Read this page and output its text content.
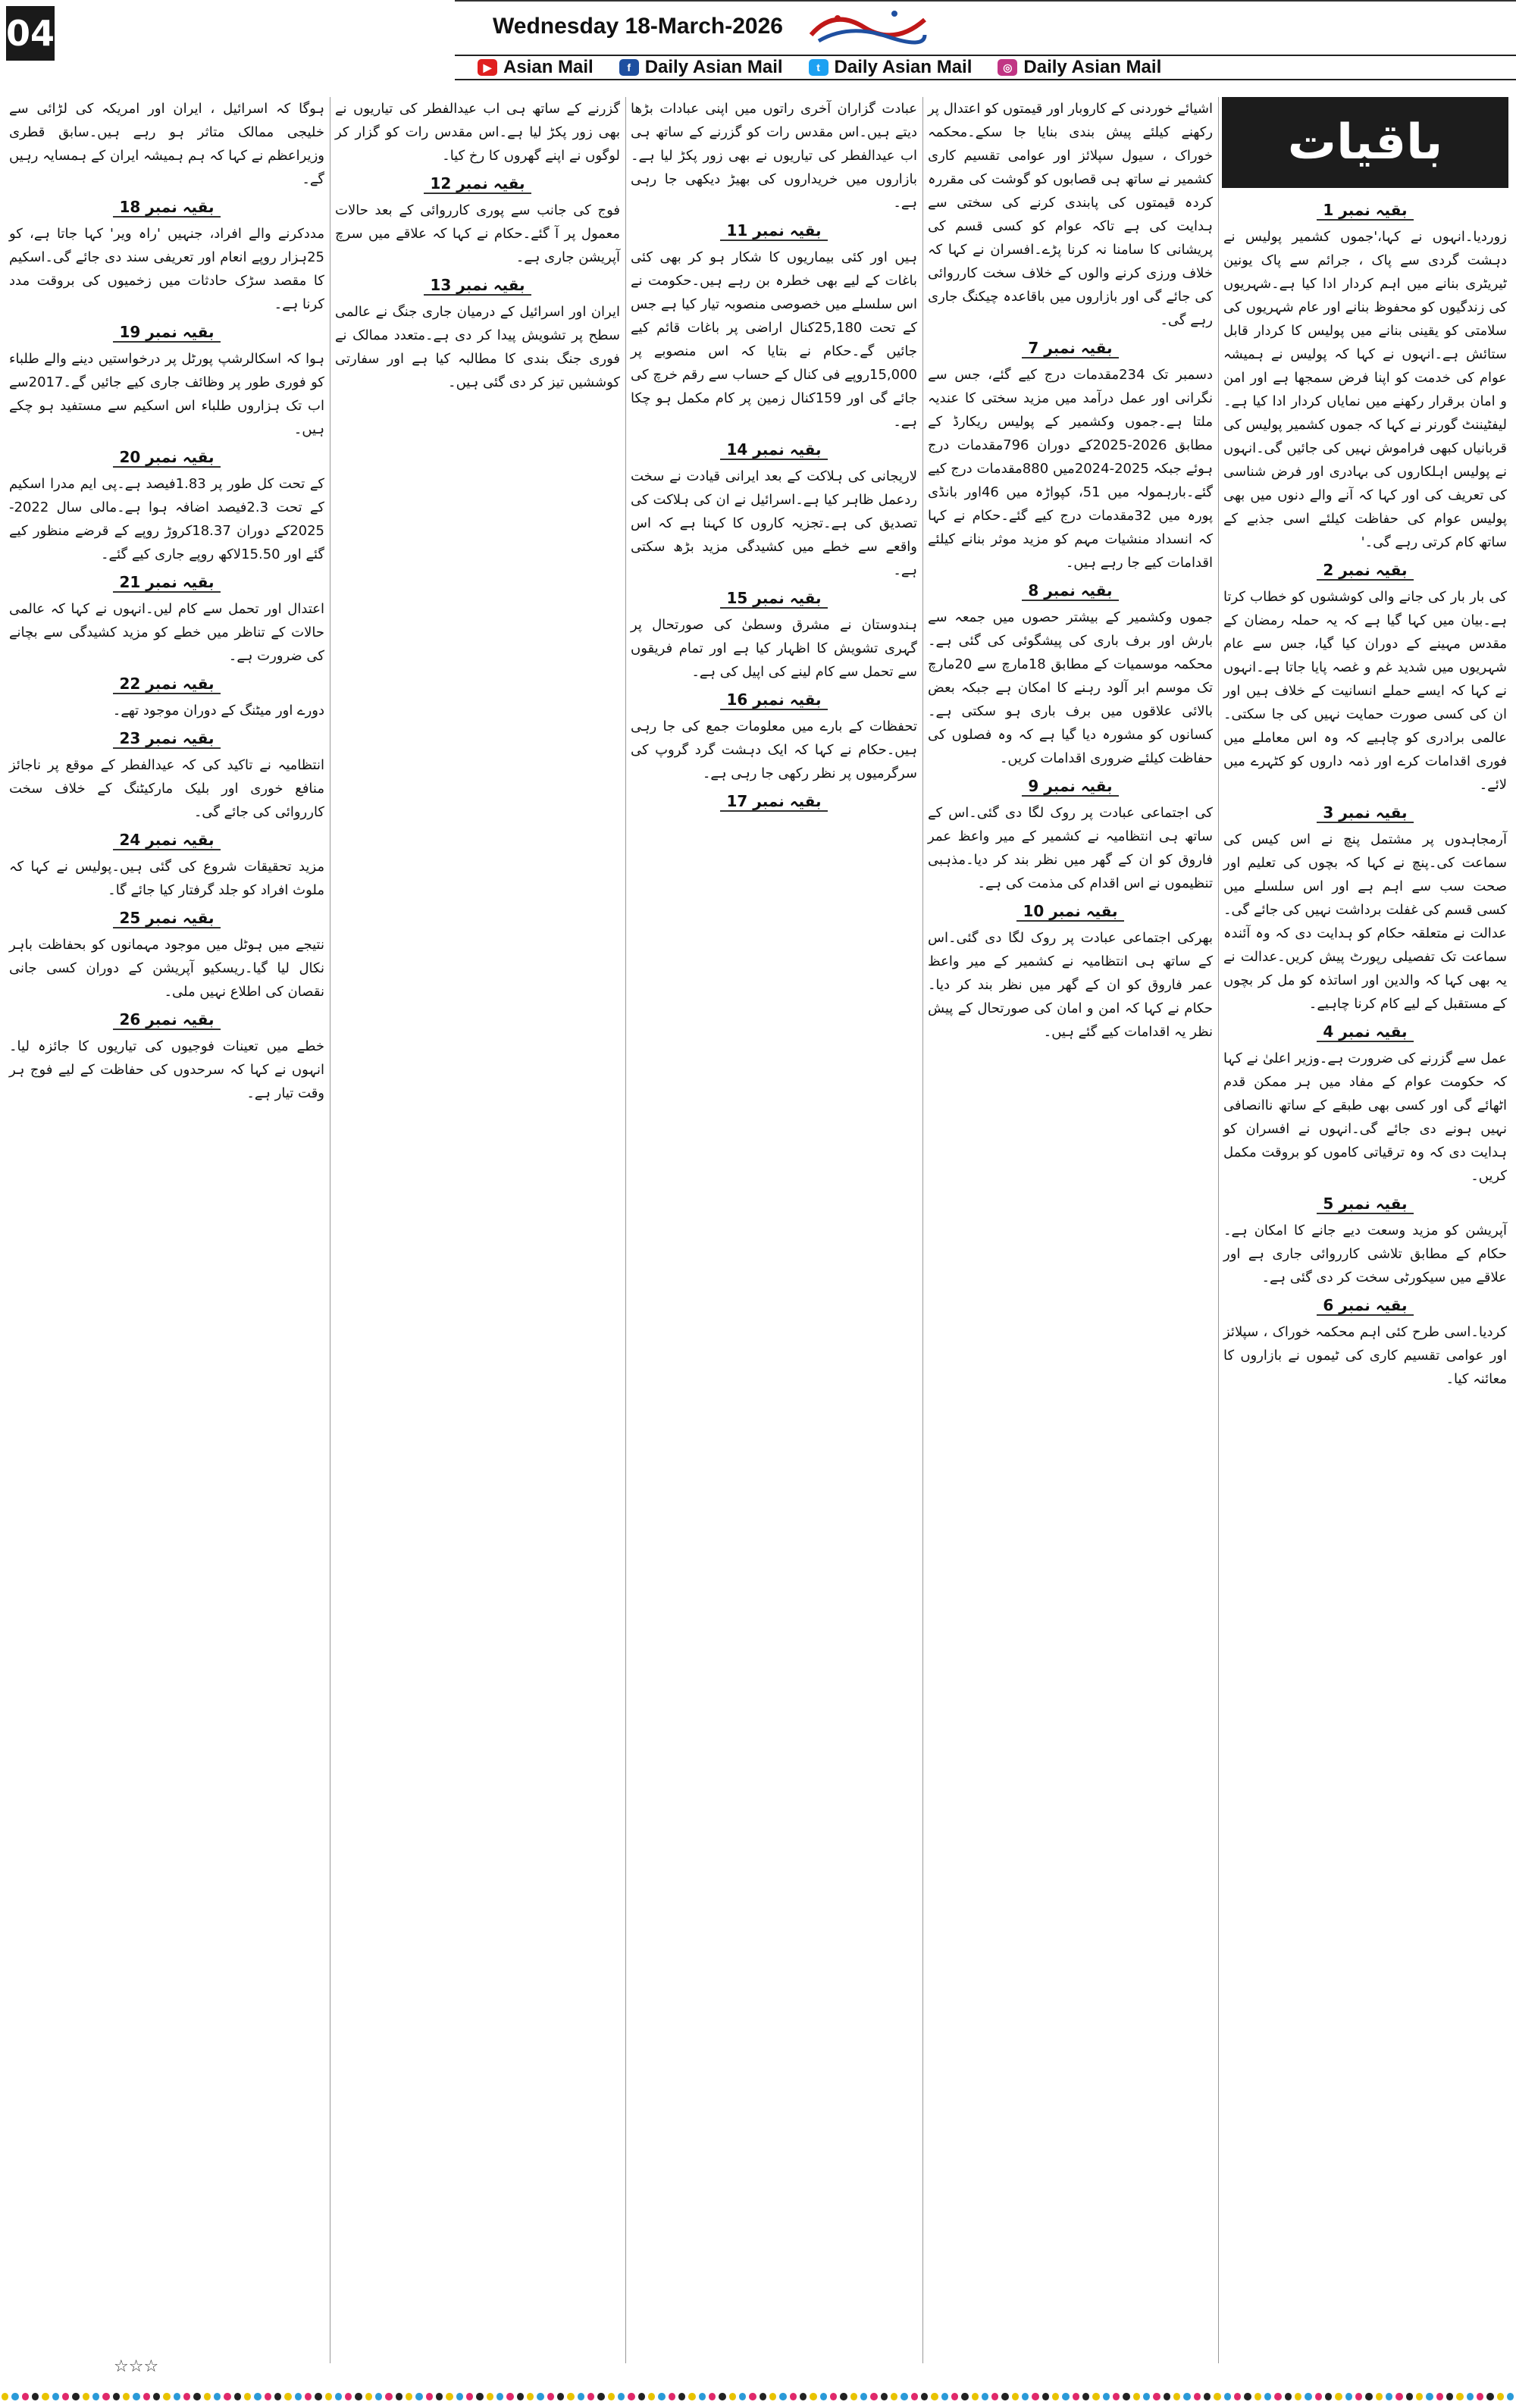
04	Wednesday 18-March-2026
▶ Asian Mail	f Daily Asian Mail	t Daily Asian Mail	◎ Daily Asian Mail
باقیات
بقیہ نمبر 1
زوردیا۔انہوں نے کہا،'جموں کشمیر پولیس نے دہشت گردی سے پاک ، جرائم سے پاک یونین ٹیریٹری بنانے میں اہم کردار ادا کیا ہے۔شہریوں کی زندگیوں کو محفوظ بنانے اور عام شہریوں کی سلامتی کو یقینی بنانے میں پولیس کا کردار قابل ستائش ہے۔انہوں نے کہا کہ پولیس نے ہمیشہ عوام کی خدمت کو اپنا فرض سمجھا ہے اور امن و امان برقرار رکھنے میں نمایاں کردار ادا کیا ہے۔لیفٹیننٹ گورنر نے کہا کہ جموں کشمیر پولیس کی قربانیاں کبھی فراموش نہیں کی جائیں گی۔انہوں نے پولیس اہلکاروں کی بہادری اور فرض شناسی کی تعریف کی اور کہا کہ آنے والے دنوں میں بھی پولیس عوام کی حفاظت کیلئے اسی جذبے کے ساتھ کام کرتی رہے گی۔'
بقیہ نمبر 2
کی بار بار کی جانے والی کوششوں کو خطاب کرتا ہے۔بیان میں کہا گیا ہے کہ یہ حملہ رمضان کے مقدس مہینے کے دوران کیا گیا، جس سے عام شہریوں میں شدید غم و غصہ پایا جاتا ہے۔انہوں نے کہا کہ ایسے حملے انسانیت کے خلاف ہیں اور ان کی کسی صورت حمایت نہیں کی جا سکتی۔عالمی برادری کو چاہیے کہ وہ اس معاملے میں فوری اقدامات کرے اور ذمہ داروں کو کٹہرے میں لائے۔
بقیہ نمبر 3
آرمجاہدوں پر مشتمل پنچ نے اس کیس کی سماعت کی۔پنچ نے کہا کہ بچوں کی تعلیم اور صحت سب سے اہم ہے اور اس سلسلے میں کسی قسم کی غفلت برداشت نہیں کی جائے گی۔عدالت نے متعلقہ حکام کو ہدایت دی کہ وہ آئندہ سماعت تک تفصیلی رپورٹ پیش کریں۔عدالت نے یہ بھی کہا کہ والدین اور اساتذہ کو مل کر بچوں کے مستقبل کے لیے کام کرنا چاہیے۔
بقیہ نمبر 4
عمل سے گزرنے کی ضرورت ہے۔وزیر اعلیٰ نے کہا کہ حکومت عوام کے مفاد میں ہر ممکن قدم اٹھائے گی اور کسی بھی طبقے کے ساتھ ناانصافی نہیں ہونے دی جائے گی۔انہوں نے افسران کو ہدایت دی کہ وہ ترقیاتی کاموں کو بروقت مکمل کریں۔
بقیہ نمبر 5
آپریشن کو مزید وسعت دیے جانے کا امکان ہے۔حکام کے مطابق تلاشی کارروائی جاری ہے اور علاقے میں سیکورٹی سخت کر دی گئی ہے۔
بقیہ نمبر 6
کردیا۔اسی طرح کئی اہم محکمہ خوراک ، سپلائز اور عوامی تقسیم کاری کی ٹیموں نے بازاروں کا معائنہ کیا۔
اشیائے خوردنی کے کاروبار اور قیمتوں کو اعتدال پر رکھنے کیلئے پیش بندی بنایا جا سکے۔محکمہ خوراک ، سیول سپلائز اور عوامی تقسیم کاری کشمیر نے ساتھ ہی قصابوں کو گوشت کی مقررہ کردہ قیمتوں کی پابندی کرنے کی سختی سے ہدایت کی ہے تاکہ عوام کو کسی قسم کی پریشانی کا سامنا نہ کرنا پڑے۔افسران نے کہا کہ خلاف ورزی کرنے والوں کے خلاف سخت کارروائی کی جائے گی اور بازاروں میں باقاعدہ چیکنگ جاری رہے گی۔
بقیہ نمبر 7
دسمبر تک 234مقدمات درج کیے گئے، جس سے نگرانی اور عمل درآمد میں مزید سختی کا عندیہ ملتا ہے۔جموں وکشمیر کے پولیس ریکارڈ کے مطابق 2026-2025کے دوران 796مقدمات درج ہوئے جبکہ 2025-2024میں 880مقدمات درج کیے گئے۔بارہمولہ میں 51، کپواڑہ میں 46اور بانڈی پورہ میں 32مقدمات درج کیے گئے۔حکام نے کہا کہ انسداد منشیات مہم کو مزید موثر بنانے کیلئے اقدامات کیے جا رہے ہیں۔
بقیہ نمبر 8
جموں وکشمیر کے بیشتر حصوں میں جمعہ سے بارش اور برف باری کی پیشگوئی کی گئی ہے۔محکمہ موسمیات کے مطابق 18مارچ سے 20مارچ تک موسم ابر آلود رہنے کا امکان ہے جبکہ بعض بالائی علاقوں میں برف باری ہو سکتی ہے۔کسانوں کو مشورہ دیا گیا ہے کہ وہ فصلوں کی حفاظت کیلئے ضروری اقدامات کریں۔
بقیہ نمبر 9
کی اجتماعی عبادت پر روک لگا دی گئی۔اس کے ساتھ ہی انتظامیہ نے کشمیر کے میر واعظ عمر فاروق کو ان کے گھر میں نظر بند کر دیا۔مذہبی تنظیموں نے اس اقدام کی مذمت کی ہے۔
بقیہ نمبر 10
بھرکی اجتماعی عبادت پر روک لگا دی گئی۔اس کے ساتھ ہی انتظامیہ نے کشمیر کے میر واعظ عمر فاروق کو ان کے گھر میں نظر بند کر دیا۔حکام نے کہا کہ امن و امان کی صورتحال کے پیش نظر یہ اقدامات کیے گئے ہیں۔
عبادت گزاران آخری راتوں میں اپنی عبادات بڑھا دیتے ہیں۔اس مقدس رات کو گزرنے کے ساتھ ہی اب عیدالفطر کی تیاریوں نے بھی زور پکڑ لیا ہے۔بازاروں میں خریداروں کی بھیڑ دیکھی جا رہی ہے۔
بقیہ نمبر 11
ہیں اور کئی بیماریوں کا شکار ہو کر بھی کئی باغات کے لیے بھی خطرہ بن رہے ہیں۔حکومت نے اس سلسلے میں خصوصی منصوبہ تیار کیا ہے جس کے تحت 25,180کنال اراضی پر باغات قائم کیے جائیں گے۔حکام نے بتایا کہ اس منصوبے پر 15,000روپے فی کنال کے حساب سے رقم خرچ کی جائے گی اور 159کنال زمین پر کام مکمل ہو چکا ہے۔
بقیہ نمبر 14
لاریجانی کی ہلاکت کے بعد ایرانی قیادت نے سخت ردعمل ظاہر کیا ہے۔اسرائیل نے ان کی ہلاکت کی تصدیق کی ہے۔تجزیہ کاروں کا کہنا ہے کہ اس واقعے سے خطے میں کشیدگی مزید بڑھ سکتی ہے۔
بقیہ نمبر 15
ہندوستان نے مشرق وسطیٰ کی صورتحال پر گہری تشویش کا اظہار کیا ہے اور تمام فریقوں سے تحمل سے کام لینے کی اپیل کی ہے۔
بقیہ نمبر 16
تحفظات کے بارے میں معلومات جمع کی جا رہی ہیں۔حکام نے کہا کہ ایک دہشت گرد گروپ کی سرگرمیوں پر نظر رکھی جا رہی ہے۔
بقیہ نمبر 17
گزرنے کے ساتھ ہی اب عیدالفطر کی تیاریوں نے بھی زور پکڑ لیا ہے۔اس مقدس رات کو گزار کر لوگوں نے اپنے گھروں کا رخ کیا۔
بقیہ نمبر 12
فوج کی جانب سے پوری کارروائی کے بعد حالات معمول پر آ گئے۔حکام نے کہا کہ علاقے میں سرچ آپریشن جاری ہے۔
بقیہ نمبر 13
ایران اور اسرائیل کے درمیان جاری جنگ نے عالمی سطح پر تشویش پیدا کر دی ہے۔متعدد ممالک نے فوری جنگ بندی کا مطالبہ کیا ہے اور سفارتی کوششیں تیز کر دی گئی ہیں۔
ہوگا کہ اسرائیل ، ایران اور امریکہ کی لڑائی سے خلیجی ممالک متاثر ہو رہے ہیں۔سابق قطری وزیراعظم نے کہا کہ ہم ہمیشہ ایران کے ہمسایہ رہیں گے۔
بقیہ نمبر 18
مددکرنے والے افراد، جنہیں 'راہ ویر' کہا جاتا ہے، کو 25ہزار روپے انعام اور تعریفی سند دی جائے گی۔اسکیم کا مقصد سڑک حادثات میں زخمیوں کی بروقت مدد کرنا ہے۔
بقیہ نمبر 19
ہوا کہ اسکالرشپ پورٹل پر درخواستیں دینے والے طلباء کو فوری طور پر وظائف جاری کیے جائیں گے۔2017سے اب تک ہزاروں طلباء اس اسکیم سے مستفید ہو چکے ہیں۔
بقیہ نمبر 20
کے تحت کل طور پر 1.83فیصد ہے۔پی ایم مدرا اسکیم کے تحت 2.3فیصد اضافہ ہوا ہے۔مالی سال 2022-2025کے دوران 18.37کروڑ روپے کے قرضے منظور کیے گئے اور 15.50لاکھ روپے جاری کیے گئے۔
بقیہ نمبر 21
اعتدال اور تحمل سے کام لیں۔انہوں نے کہا کہ عالمی حالات کے تناظر میں خطے کو مزید کشیدگی سے بچانے کی ضرورت ہے۔
بقیہ نمبر 22
دورے اور میٹنگ کے دوران موجود تھے۔
بقیہ نمبر 23
انتظامیہ نے تاکید کی کہ عیدالفطر کے موقع پر ناجائز منافع خوری اور بلیک مارکیٹنگ کے خلاف سخت کارروائی کی جائے گی۔
بقیہ نمبر 24
مزید تحقیقات شروع کی گئی ہیں۔پولیس نے کہا کہ ملوث افراد کو جلد گرفتار کیا جائے گا۔
بقیہ نمبر 25
نتیجے میں ہوٹل میں موجود مہمانوں کو بحفاظت باہر نکال لیا گیا۔ریسکیو آپریشن کے دوران کسی جانی نقصان کی اطلاع نہیں ملی۔
بقیہ نمبر 26
خطے میں تعینات فوجیوں کی تیاریوں کا جائزہ لیا۔انہوں نے کہا کہ سرحدوں کی حفاظت کے لیے فوج ہر وقت تیار ہے۔
☆☆☆
